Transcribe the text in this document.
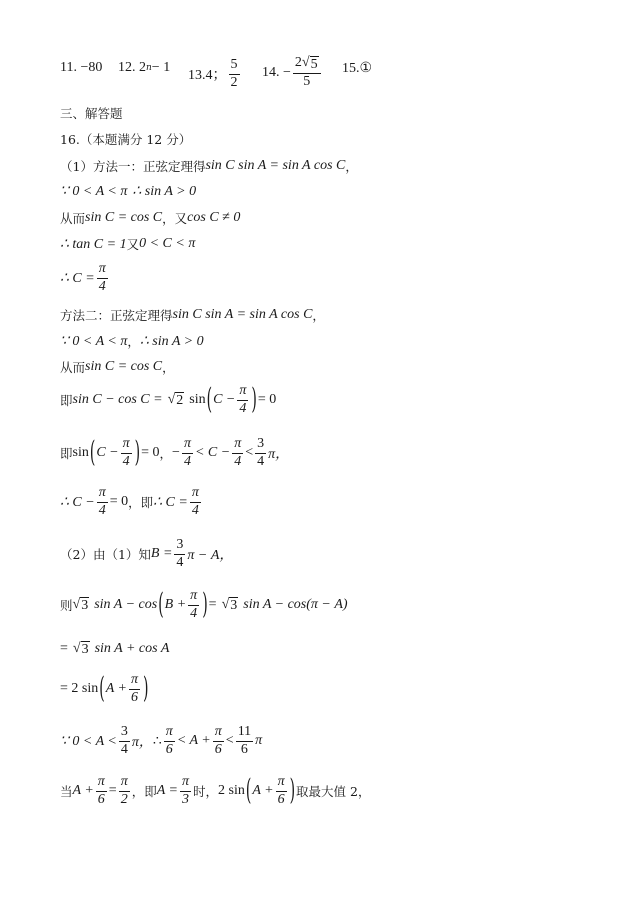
11. −80 12. 2 n − 1
13.4； $\frac{5}{2} 14$. − $\frac{2 √ 5}{5}$ 15.①
三、解答题
16.（本题满分 12 分）
（1）方法一：正弦定理得 sin C sin A = sin A cos C ，
∵ 0 < A < π ∴ sin A > 0
从而 sin C = cos C ，又 cos C ≠ 0
∴ tan C = 1 又 0 < C < π
∴ $C = \frac{\pi}{4}$
方法二：正弦定理得 sin C sin A = sin A cos C ，
∵ 0 < A < π ， ∴ sin A > 0
从而 sin C = cos C ，
即 sin C − cos C = √ 2 sin ( $C - \frac{\pi}{4}$ ) = 0
即 sin ( $C - \frac{\pi}{4}$ ) = 0 ， − $\frac{\pi}{4} < C - \frac{\pi}{4} < \frac{3}{4}$ π，
∴ $C - \frac{\pi}{4} = 0$ ，即 ∴ $C = \frac{\pi}{4}$
（2）由（1）知 $B = \frac{3}{4}$ π − A，
则 √ 3 sin A − cos ( $B + \frac{\pi}{4}$ ) = √ 3 sin A − cos(π − A)
= √ 3 sin A + cos A
= 2 sin ( $A + \frac{\pi}{6}$ )
∵ $0 < A < \frac{3}{4}$ π， ∴ $\frac{\pi}{6} < A + \frac{\pi}{6} < \frac{11}{6}$ π
当 $A + \frac{\pi}{6} = \frac{\pi}{2}$ ，即 $A = \frac{\pi}{3}$ 时， 2 sin ( $A + \frac{\pi}{6}$ ) 取最大值 2，
